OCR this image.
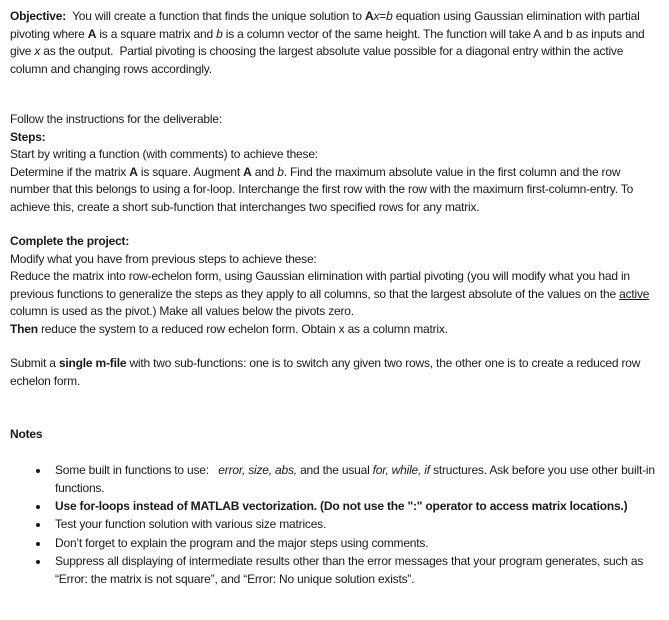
Objective:  You will create a function that finds the unique solution to Ax=b equation using Gaussian elimination with partial pivoting where A is a square matrix and b is a column vector of the same height. The function will take A and b as inputs and give x as the output.  Partial pivoting is choosing the largest absolute value possible for a diagonal entry within the active column and changing rows accordingly.

Follow the instructions for the deliverable:

Steps:

Start by writing a function (with comments) to achieve these:

Determine if the matrix A is square. Augment A and b. Find the maximum absolute value in the first column and the row number that this belongs to using a for-loop. Interchange the first row with the row with the maximum first-column-entry. To achieve this, create a short sub-function that interchanges two specified rows for any matrix.

Complete the project:

Modify what you have from previous steps to achieve these:

Reduce the matrix into row-echelon form, using Gaussian elimination with partial pivoting (you will modify what you had in previous functions to generalize the steps as they apply to all columns, so that the largest absolute of the values on the active column is used as the pivot.) Make all values below the pivots zero.

Then reduce the system to a reduced row echelon form. Obtain x as a column matrix.

Submit a single m-file with two sub-functions: one is to switch any given two rows, the other one is to create a reduced row echelon form.

Notes

• Some built in functions to use:   error, size, abs, and the usual for, while, if structures. Ask before you use other built-in functions.
• Use for-loops instead of MATLAB vectorization. (Do not use the ":" operator to access matrix locations.)
• Test your function solution with various size matrices.
• Don’t forget to explain the program and the major steps using comments.
• Suppress all displaying of intermediate results other than the error messages that your program generates, such as “Error: the matrix is not square”, and “Error: No unique solution exists”.
